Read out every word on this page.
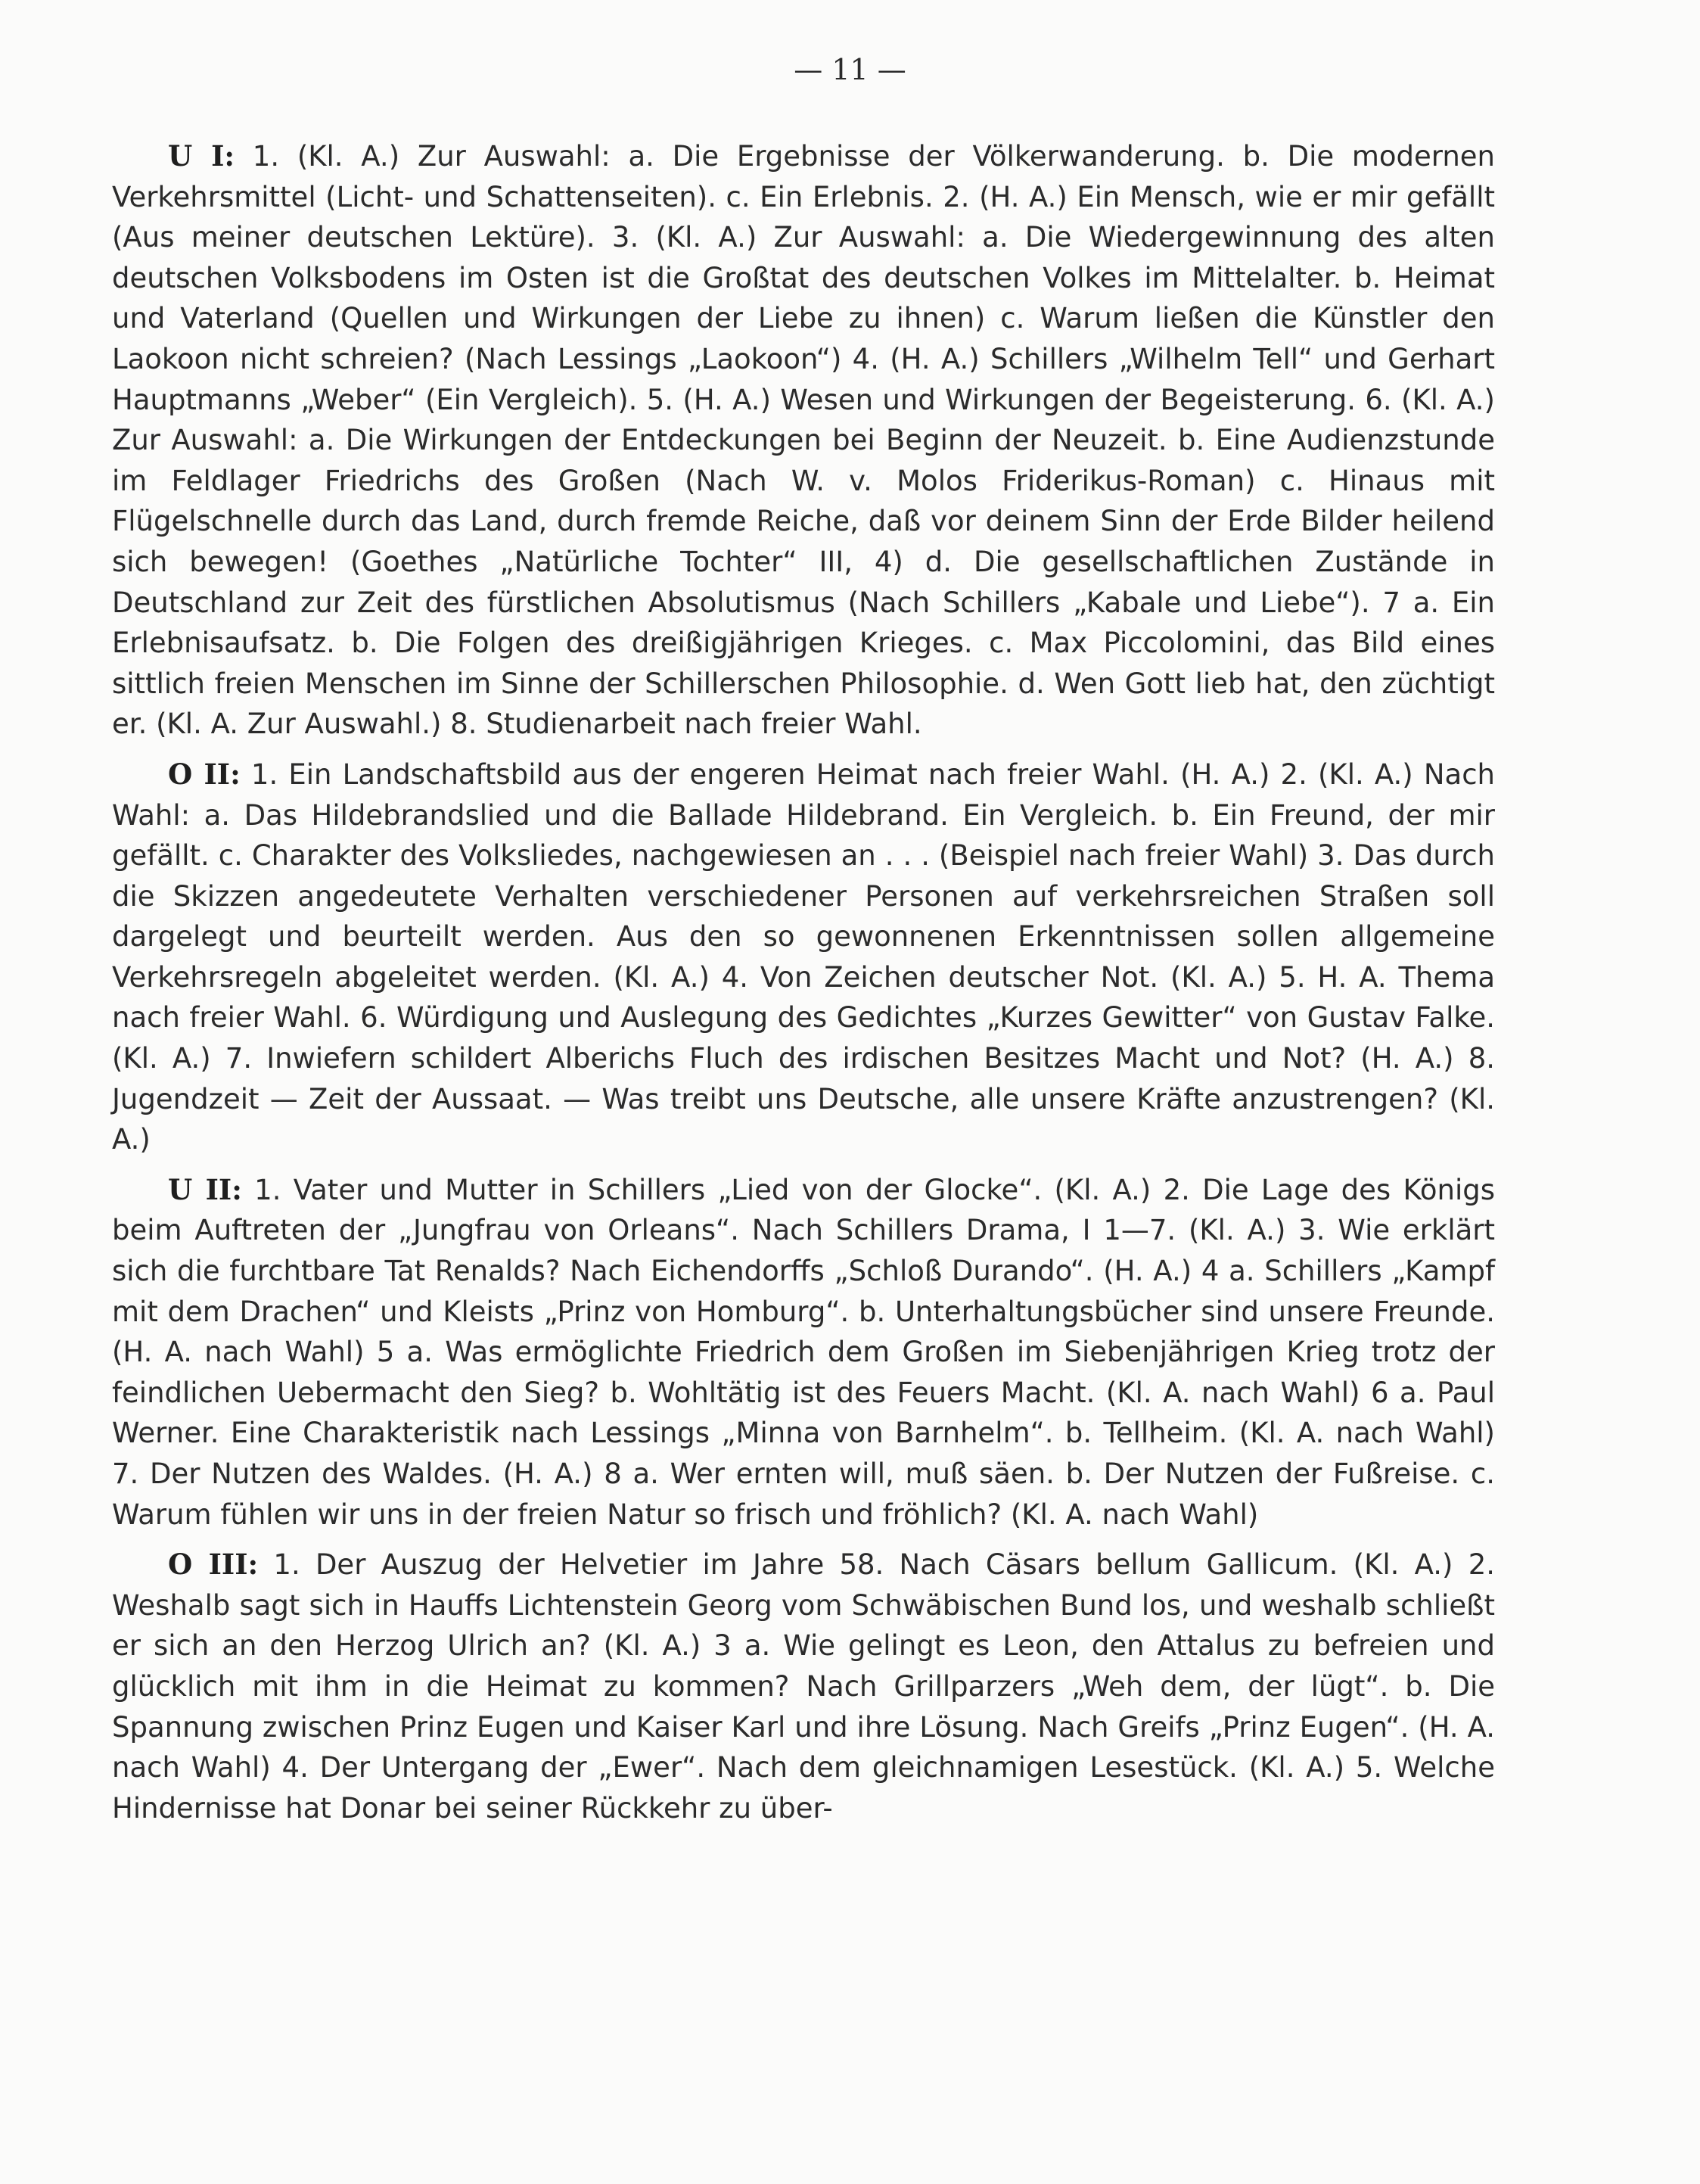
— 11 —

U I: 1. (Kl. A.) Zur Auswahl: a. Die Ergebnisse der Völkerwanderung. b. Die modernen Verkehrsmittel (Licht- und Schattenseiten). c. Ein Erlebnis. 2. (H. A.) Ein Mensch, wie er mir gefällt (Aus meiner deutschen Lektüre). 3. (Kl. A.) Zur Auswahl: a. Die Wiedergewinnung des alten deutschen Volksbodens im Osten ist die Großtat des deutschen Volkes im Mittelalter. b. Heimat und Vaterland (Quellen und Wirkungen der Liebe zu ihnen) c. Warum ließen die Künstler den Laokoon nicht schreien? (Nach Lessings „Laokoon“) 4. (H. A.) Schillers „Wilhelm Tell“ und Gerhart Hauptmanns „Weber“ (Ein Vergleich). 5. (H. A.) Wesen und Wirkungen der Begeisterung. 6. (Kl. A.) Zur Auswahl: a. Die Wirkungen der Entdeckungen bei Beginn der Neuzeit. b. Eine Audienzstunde im Feldlager Friedrichs des Großen (Nach W. v. Molos Friderikus-Roman) c. Hinaus mit Flügelschnelle durch das Land, durch fremde Reiche, daß vor deinem Sinn der Erde Bilder heilend sich bewegen! (Goethes „Natürliche Tochter“ III, 4) d. Die gesellschaftlichen Zustände in Deutschland zur Zeit des fürstlichen Absolutismus (Nach Schillers „Kabale und Liebe“). 7 a. Ein Erlebnisaufsatz. b. Die Folgen des dreißigjährigen Krieges. c. Max Piccolomini, das Bild eines sittlich freien Menschen im Sinne der Schillerschen Philosophie. d. Wen Gott lieb hat, den züchtigt er. (Kl. A. Zur Auswahl.) 8. Studienarbeit nach freier Wahl.

O II: 1. Ein Landschaftsbild aus der engeren Heimat nach freier Wahl. (H. A.) 2. (Kl. A.) Nach Wahl: a. Das Hildebrandslied und die Ballade Hildebrand. Ein Vergleich. b. Ein Freund, der mir gefällt. c. Charakter des Volksliedes, nachgewiesen an . . . (Beispiel nach freier Wahl) 3. Das durch die Skizzen angedeutete Verhalten verschiedener Personen auf verkehrsreichen Straßen soll dargelegt und beurteilt werden. Aus den so gewonnenen Erkenntnissen sollen allgemeine Verkehrsregeln abgeleitet werden. (Kl. A.) 4. Von Zeichen deutscher Not. (Kl. A.) 5. H. A. Thema nach freier Wahl. 6. Würdigung und Auslegung des Gedichtes „Kurzes Gewitter“ von Gustav Falke. (Kl. A.) 7. Inwiefern schildert Alberichs Fluch des irdischen Besitzes Macht und Not? (H. A.) 8. Jugendzeit — Zeit der Aussaat. — Was treibt uns Deutsche, alle unsere Kräfte anzustrengen? (Kl. A.)

U II: 1. Vater und Mutter in Schillers „Lied von der Glocke“. (Kl. A.) 2. Die Lage des Königs beim Auftreten der „Jungfrau von Orleans“. Nach Schillers Drama, I 1—7. (Kl. A.) 3. Wie erklärt sich die furchtbare Tat Renalds? Nach Eichendorffs „Schloß Durando“. (H. A.) 4 a. Schillers „Kampf mit dem Drachen“ und Kleists „Prinz von Homburg“. b. Unterhaltungsbücher sind unsere Freunde. (H. A. nach Wahl) 5 a. Was ermöglichte Friedrich dem Großen im Siebenjährigen Krieg trotz der feindlichen Uebermacht den Sieg? b. Wohltätig ist des Feuers Macht. (Kl. A. nach Wahl) 6 a. Paul Werner. Eine Charakteristik nach Lessings „Minna von Barnhelm“. b. Tellheim. (Kl. A. nach Wahl) 7. Der Nutzen des Waldes. (H. A.) 8 a. Wer ernten will, muß säen. b. Der Nutzen der Fußreise. c. Warum fühlen wir uns in der freien Natur so frisch und fröhlich? (Kl. A. nach Wahl)

O III: 1. Der Auszug der Helvetier im Jahre 58. Nach Cäsars bellum Gallicum. (Kl. A.) 2. Weshalb sagt sich in Hauffs Lichtenstein Georg vom Schwäbischen Bund los, und weshalb schließt er sich an den Herzog Ulrich an? (Kl. A.) 3 a. Wie gelingt es Leon, den Attalus zu befreien und glücklich mit ihm in die Heimat zu kommen? Nach Grillparzers „Weh dem, der lügt“. b. Die Spannung zwischen Prinz Eugen und Kaiser Karl und ihre Lösung. Nach Greifs „Prinz Eugen“. (H. A. nach Wahl) 4. Der Untergang der „Ewer“. Nach dem gleichnamigen Lesestück. (Kl. A.) 5. Welche Hindernisse hat Donar bei seiner Rückkehr zu über-
